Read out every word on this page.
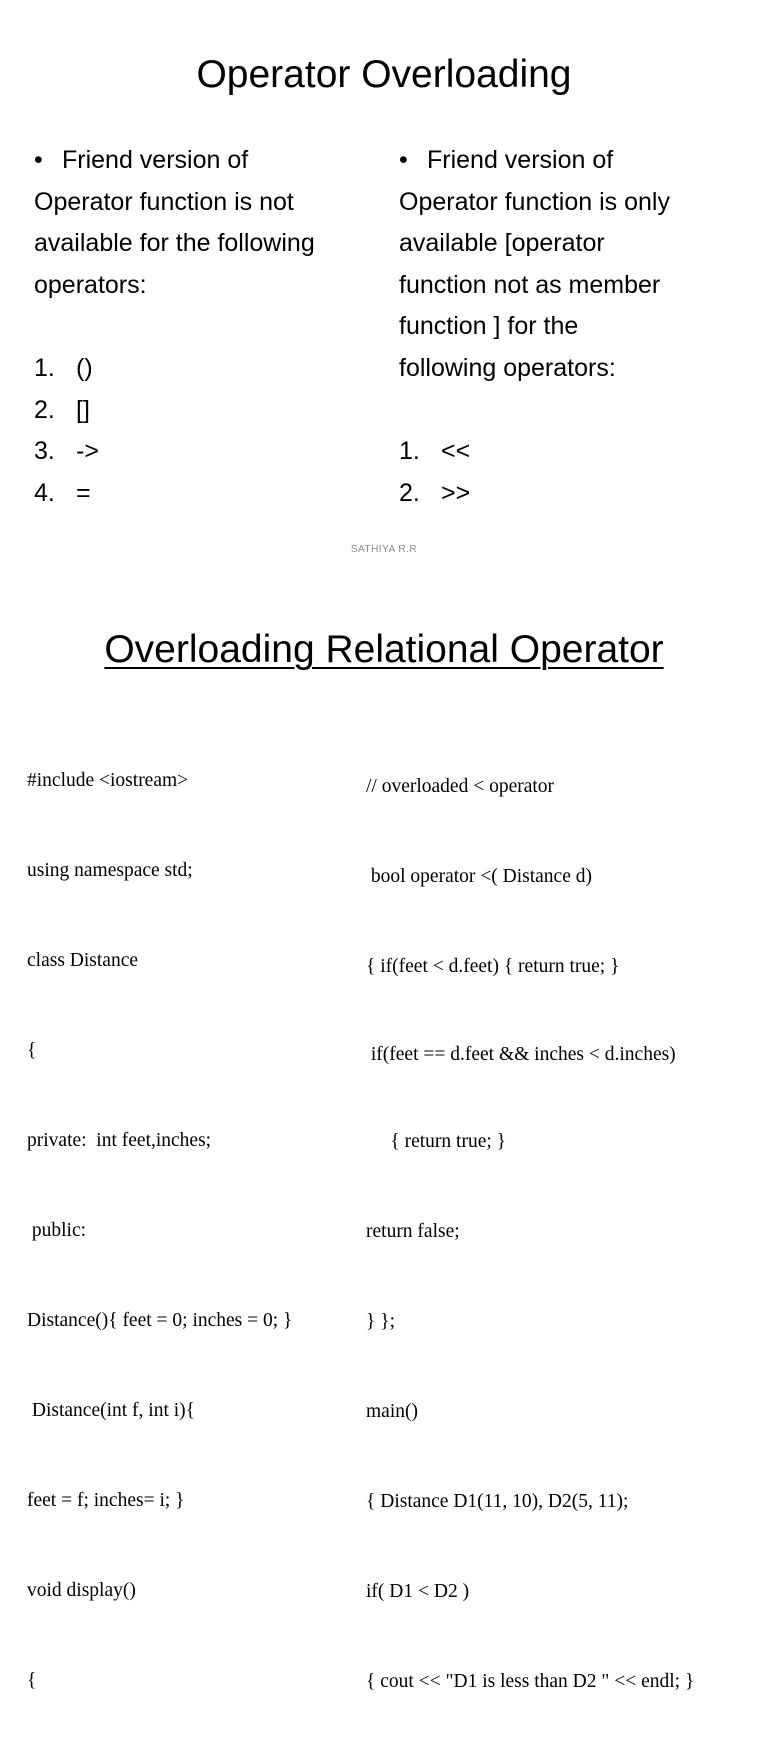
Operator Overloading
• Friend version of
Operator function is not
available for the following
operators:
1. ()
2. []
3. ->
4. =
• Friend version of
Operator function is only
available [operator
function not as member
function ] for the
following operators:
1. <<
2. >>
SATHIYA R.R
Overloading Relational Operator

#include <iostream>

using namespace std;

class Distance

{

private:  int feet,inches;

public:

Distance(){ feet = 0; inches = 0; }

Distance(int f, int i){

feet = f; inches= i; }

void display()

{

// overloaded < operator

bool operator <( Distance d)

{ if(feet < d.feet) { return true; }

if(feet == d.feet && inches < d.inches)

{ return true; }

return false;

} };

main()

{ Distance D1(11, 10), D2(5, 11);

if( D1 < D2 )

{ cout << "D1 is less than D2 " << endl; }
